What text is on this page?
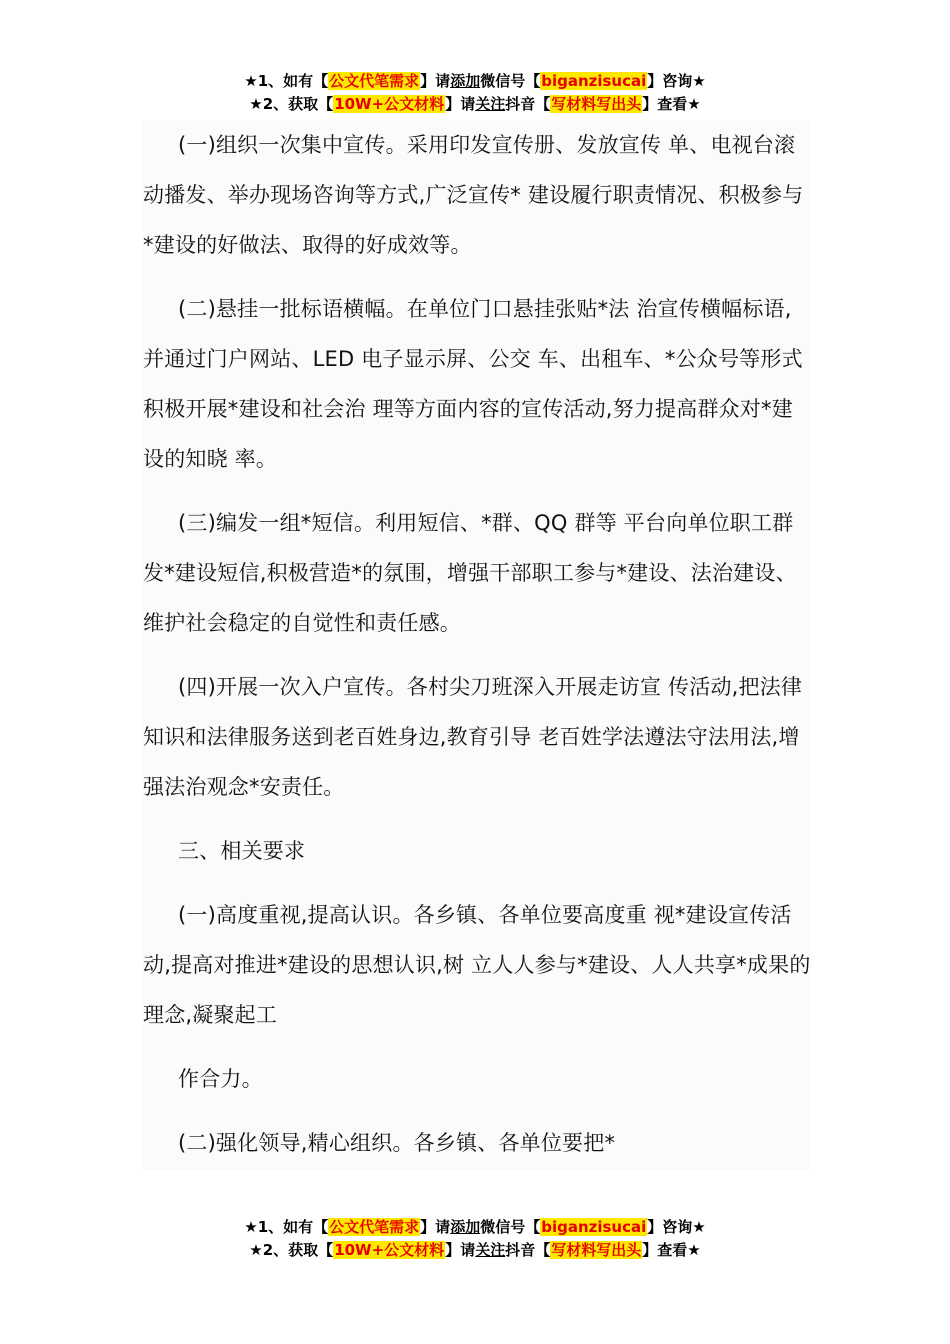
★1、如有【公文代笔需求】请添加微信号【biganzisucai】咨询★
★2、获取【10W+公文材料】请关注抖音【写材料写出头】查看★

(一)组织一次集中宣传。采用印发宣传册、发放宣传 单、电视台滚动播发、举办现场咨询等方式,广泛宣传* 建设履行职责情况、积极参与*建设的好做法、取得的好成效等。

(二)悬挂一批标语横幅。在单位门口悬挂张贴*法 治宣传横幅标语,并通过门户网站、LED 电子显示屏、公交 车、出租车、*公众号等形式积极开展*建设和社会治 理等方面内容的宣传活动,努力提高群众对*建设的知晓 率。

(三)编发一组*短信。利用短信、*群、QQ 群等 平台向单位职工群发*建设短信,积极营造*的氛围，增强干部职工参与*建设、法治建设、维护社会稳定的自觉性和责任感。

(四)开展一次入户宣传。各村尖刀班深入开展走访宣 传活动,把法律知识和法律服务送到老百姓身边,教育引导 老百姓学法遵法守法用法,增强法治观念*安责任。

三、相关要求

(一)高度重视,提高认识。各乡镇、各单位要高度重 视*建设宣传活动,提高对推进*建设的思想认识,树 立人人参与*建设、人人共享*成果的理念,凝聚起工

作合力。

(二)强化领导,精心组织。各乡镇、各单位要把*

★1、如有【公文代笔需求】请添加微信号【biganzisucai】咨询★
★2、获取【10W+公文材料】请关注抖音【写材料写出头】查看★
